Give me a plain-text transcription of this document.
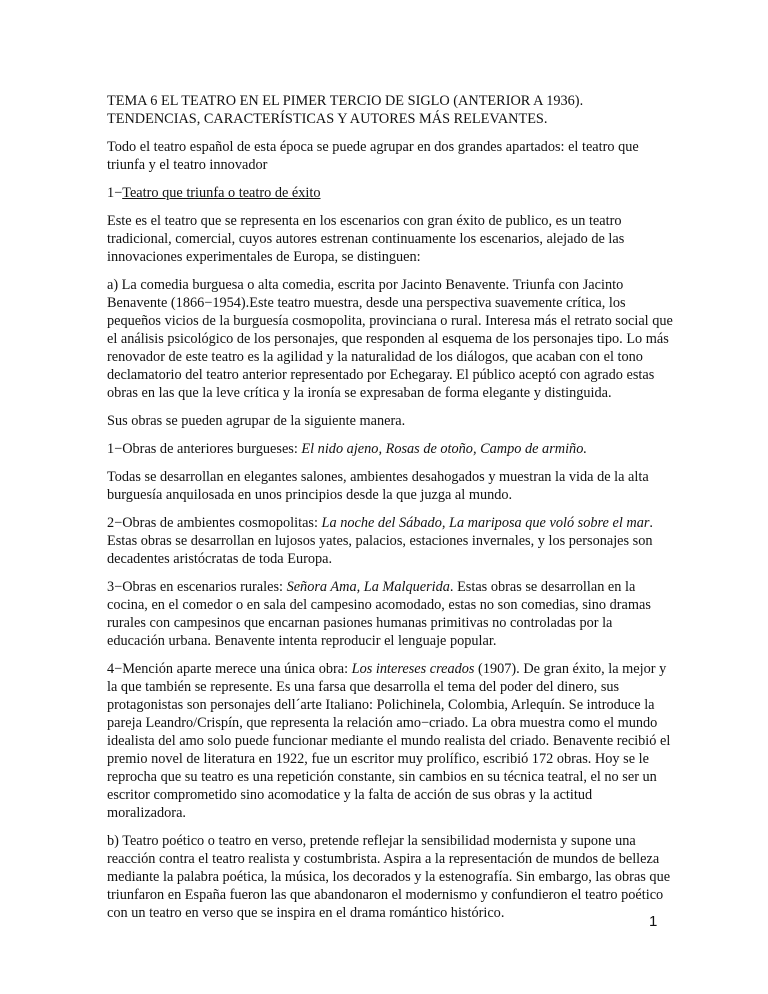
TEMA 6 EL TEATRO EN EL PIMER TERCIO DE SIGLO (ANTERIOR A 1936). TENDENCIAS, CARACTERÍSTICAS Y AUTORES MÁS RELEVANTES.

Todo el teatro español de esta época se puede agrupar en dos grandes apartados: el teatro que triunfa y el teatro innovador

1−Teatro que triunfa o teatro de éxito

Este es el teatro que se representa en los escenarios con gran éxito de publico, es un teatro tradicional, comercial, cuyos autores estrenan continuamente los escenarios, alejado de las innovaciones experimentales de Europa, se distinguen:

a) La comedia burguesa o alta comedia, escrita por Jacinto Benavente. Triunfa con Jacinto Benavente (1866−1954).Este teatro muestra, desde una perspectiva suavemente crítica, los pequeños vicios de la burguesía cosmopolita, provinciana o rural. Interesa más el retrato social que el análisis psicológico de los personajes, que responden al esquema de los personajes tipo. Lo más renovador de este teatro es la agilidad y la naturalidad de los diálogos, que acaban con el tono declamatorio del teatro anterior representado por Echegaray. El público aceptó con agrado estas obras en las que la leve crítica y la ironía se expresaban de forma elegante y distinguida.

Sus obras se pueden agrupar de la siguiente manera.

1−Obras de anteriores burgueses: El nido ajeno, Rosas de otoño, Campo de armiño.

Todas se desarrollan en elegantes salones, ambientes desahogados y muestran la vida de la alta burguesía anquilosada en unos principios desde la que juzga al mundo.

2−Obras de ambientes cosmopolitas: La noche del Sábado, La mariposa que voló sobre el mar. Estas obras se desarrollan en lujosos yates, palacios, estaciones invernales, y los personajes son decadentes aristócratas de toda Europa.

3−Obras en escenarios rurales: Señora Ama, La Malquerida. Estas obras se desarrollan en la cocina, en el comedor o en sala del campesino acomodado, estas no son comedias, sino dramas rurales con campesinos que encarnan pasiones humanas primitivas no controladas por la educación urbana. Benavente intenta reproducir el lenguaje popular.

4−Mención aparte merece una única obra: Los intereses creados (1907). De gran éxito, la mejor y la que también se represente. Es una farsa que desarrolla el tema del poder del dinero, sus protagonistas son personajes dell´arte Italiano: Polichinela, Colombia, Arlequín. Se introduce la pareja Leandro/Crispín, que representa la relación amo−criado. La obra muestra como el mundo idealista del amo solo puede funcionar mediante el mundo realista del criado. Benavente recibió el premio novel de literatura en 1922, fue un escritor muy prolífico, escribió 172 obras. Hoy se le reprocha que su teatro es una repetición constante, sin cambios en su técnica teatral, el no ser un escritor comprometido sino acomodatice y la falta de acción de sus obras y la actitud moralizadora.

b) Teatro poético o teatro en verso, pretende reflejar la sensibilidad modernista y supone una reacción contra el teatro realista y costumbrista. Aspira a la representación de mundos de belleza mediante la palabra poética, la música, los decorados y la estenografía. Sin embargo, las obras que triunfaron en España fueron las que abandonaron el modernismo y confundieron el teatro poético con un teatro en verso que se inspira en el drama romántico histórico.	1
